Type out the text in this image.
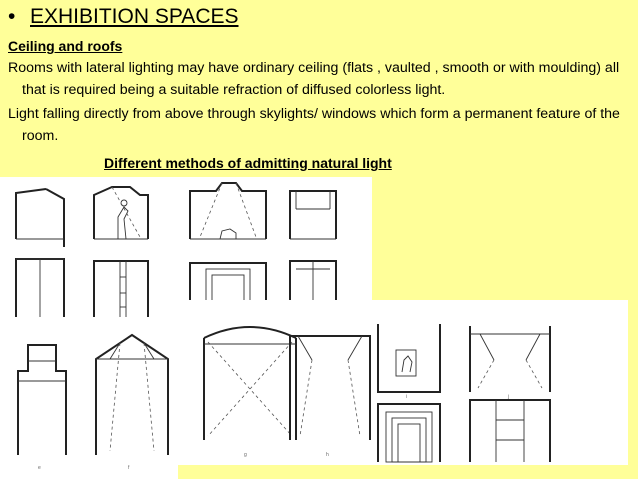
• EXHIBITION SPACES
Ceiling and roofs
Rooms with lateral lighting may have ordinary ceiling (flats , vaulted , smooth or with moulding) all that is required being a suitable refraction of diffused colorless light.
Light falling directly from above through skylights/ windows which form a permanent feature of the room.
Different methods of admitting natural light
e	f
g	h
i	j
